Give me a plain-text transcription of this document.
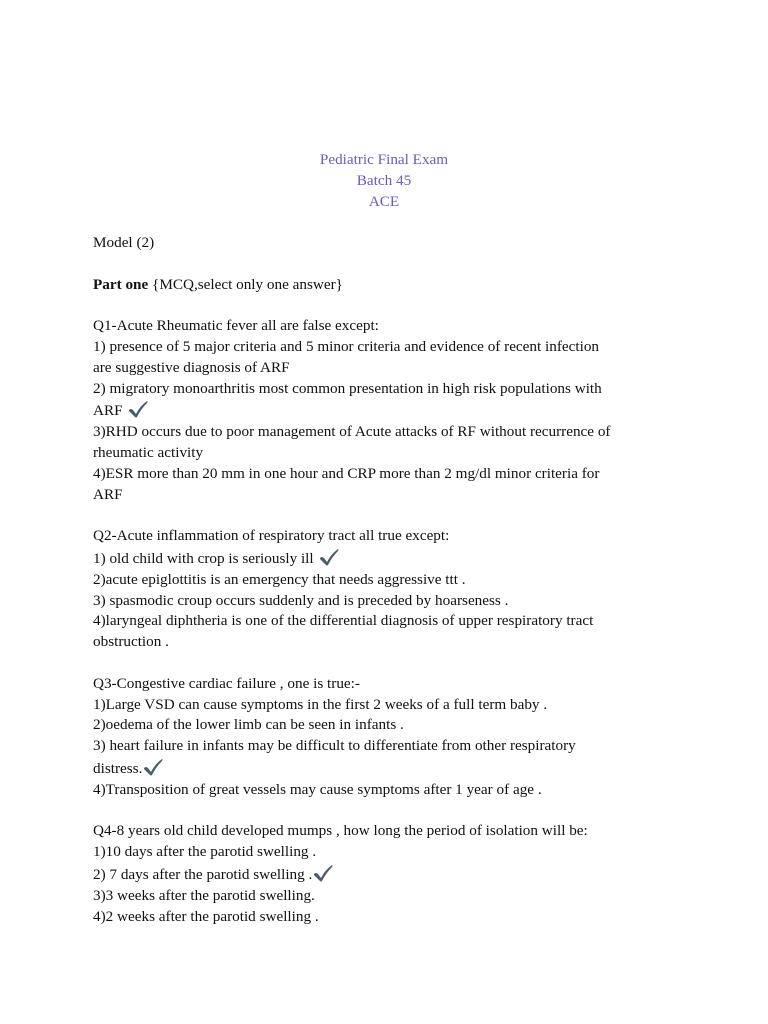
Pediatric Final Exam
Batch 45
ACE
Model (2)
Part one {MCQ,select only one answer}
Q1-Acute Rheumatic fever all are false except:
1) presence of 5 major criteria and 5 minor criteria and evidence of recent infection
are suggestive diagnosis of ARF
2) migratory monoarthritis most common presentation in high risk populations with
ARF
3)RHD occurs due to poor management of Acute attacks of RF without recurrence of
rheumatic activity
4)ESR more than 20 mm in one hour and CRP more than 2 mg/dl minor criteria for
ARF
Q2-Acute inflammation of respiratory tract all true except:
1) old child with crop is seriously ill
2)acute epiglottitis is an emergency that needs aggressive ttt .
3) spasmodic croup occurs suddenly and is preceded by hoarseness .
4)laryngeal diphtheria is one of the differential diagnosis of upper respiratory tract
obstruction .
Q3-Congestive cardiac failure , one is true:-
1)Large VSD can cause symptoms in the first 2 weeks of a full term baby .
2)oedema of the lower limb can be seen in infants .
3) heart failure in infants may be difficult to differentiate from other respiratory
distress.
4)Transposition of great vessels may cause symptoms after 1 year of age .
Q4-8 years old child developed mumps , how long the period of isolation will be:
1)10 days after the parotid swelling .
2) 7 days after the parotid swelling .
3)3 weeks after the parotid swelling.
4)2 weeks after the parotid swelling .
